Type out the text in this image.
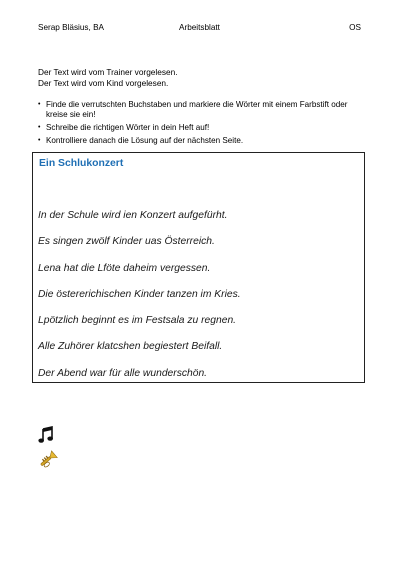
Serap Bläsius, BA	Arbeitsblatt	OS
Der Text wird vom Trainer vorgelesen.
Der Text wird vom Kind vorgelesen.
• Finde die verrutschten Buchstaben und markiere die Wörter mit einem Farbstift oder kreise sie ein!
• Schreibe die richtigen Wörter in dein Heft auf!
• Kontrolliere danach die Lösung auf der nächsten Seite.
Ein Schlukonzert
In der Schule wird ien Konzert aufgefürht.
Es singen zwölf Kinder uas Österreich.
Lena hat die Lföte daheim vergessen.
Die östererichischen Kinder tanzen im Kries.
Lpötzlich beginnt es im Festsala zu regnen.
Alle Zuhörer klatcshen begiestert Beifall.
Der Abend war für alle wunderschön.
